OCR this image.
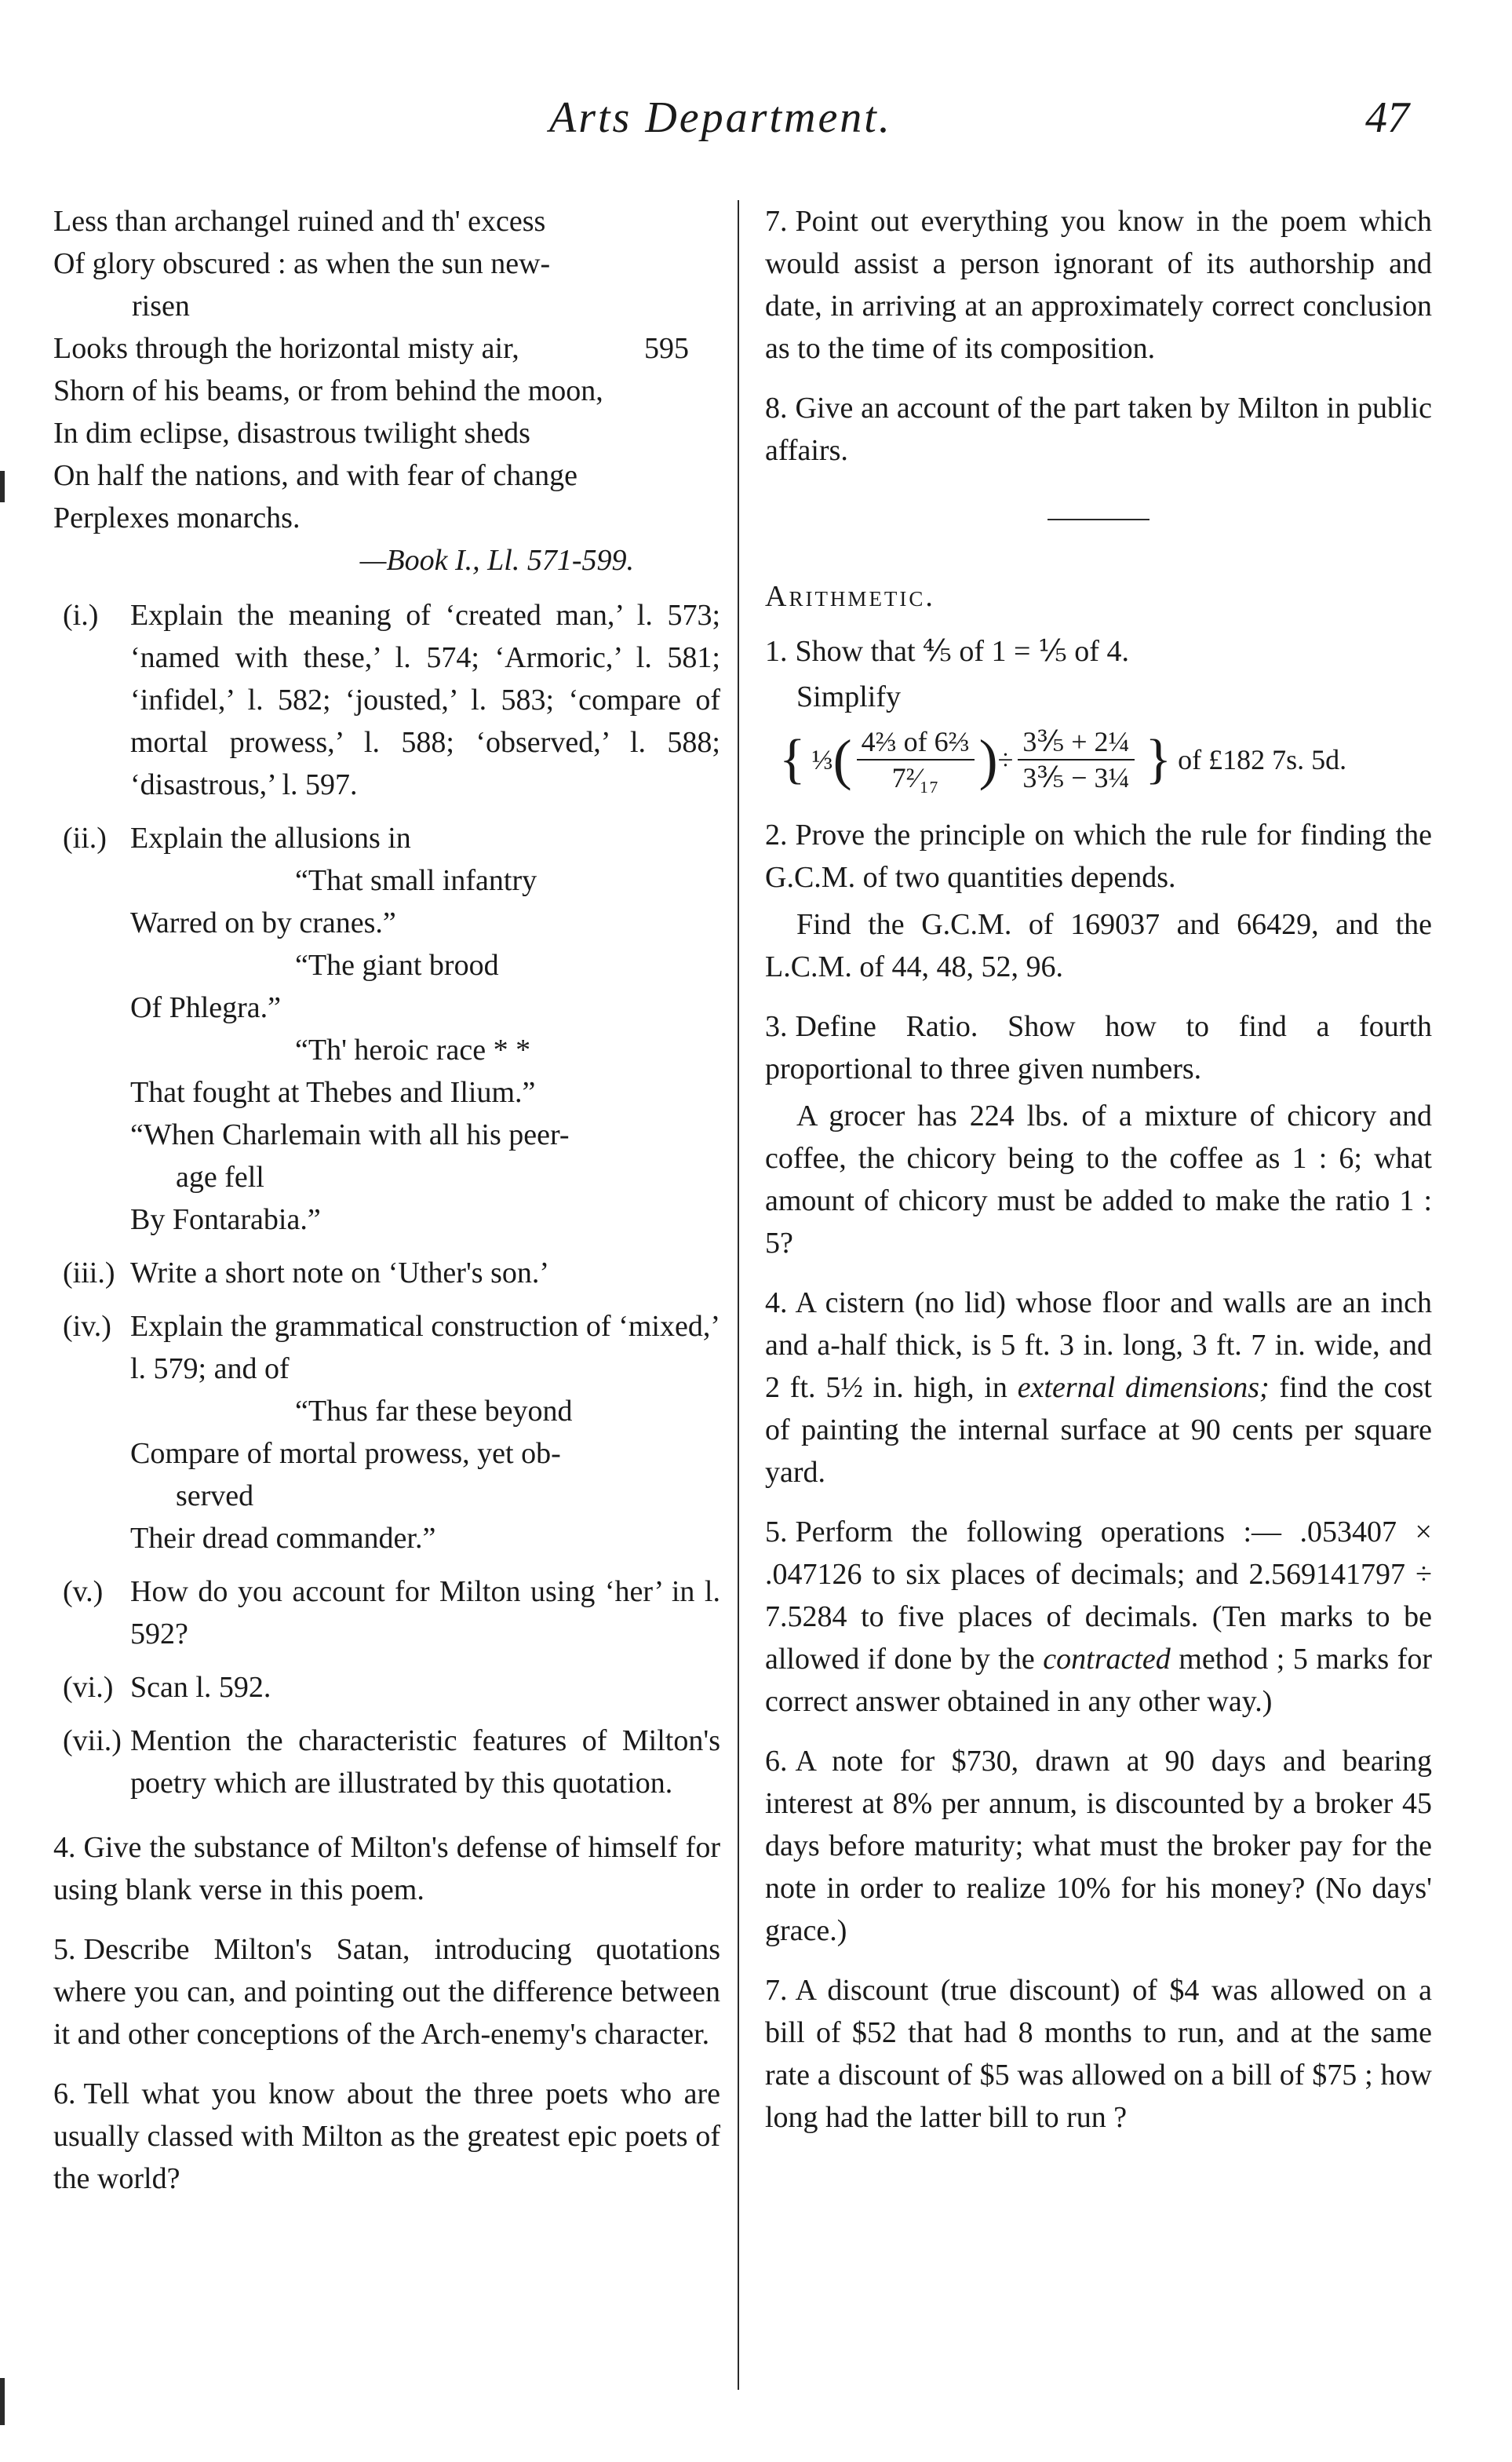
Arts Department.	47
Less than archangel ruined and th' excess
Of glory obscured : as when the sun new-
risen
Looks through the horizontal misty air,	595
Shorn of his beams, or from behind the moon,
In dim eclipse, disastrous twilight sheds
On half the nations, and with fear of change
Perplexes monarchs.
—Book I., Ll. 571-599.
(i.)	Explain the meaning of ‘created man,’ l. 573; ‘named with these,’ l. 574; ‘Armoric,’ l. 581; ‘infidel,’ l. 582; ‘jousted,’ l. 583; ‘compare of mortal prowess,’ l. 588; ‘observed,’ l. 588; ‘disastrous,’ l. 597.
(ii.) Explain the allusions in
“That small infantry
Warred on by cranes.”
“The giant brood
Of Phlegra.”
“Th' heroic race * *
That fought at Thebes and Ilium.”
“When Charlemain with all his peer-
age fell
By Fontarabia.”
(iii.) Write a short note on ‘Uther's son.’
(iv.) Explain the grammatical construction of ‘mixed,’ l. 579; and of
“Thus far these beyond
Compare of mortal prowess, yet ob-
served
Their dread commander.”
(v.) How do you account for Milton using ‘her’ in l. 592?
(vi.) Scan l. 592.
(vii.) Mention the characteristic features of Milton's poetry which are illustrated by this quotation.
4. Give the substance of Milton's defense of himself for using blank verse in this poem.
5. Describe Milton's Satan, introducing quotations where you can, and pointing out the difference between it and other conceptions of the Arch-enemy's character.
6. Tell what you know about the three poets who are usually classed with Milton as the greatest epic poets of the world?
7. Point out everything you know in the poem which would assist a person ignorant of its authorship and date, in arriving at an approximately correct conclusion as to the time of its composition.
8. Give an account of the part taken by Milton in public affairs.
Arithmetic.
1. Show that ⅘ of 1 = ⅕ of 4.
Simplify
{ ⅓ ( $\frac{\text{4⅔ of 6⅔}}{\text{7²⁄₁₇}}$ ) ÷ $\frac{\text{3⅗ + 2¼}}{\text{3⅗ − 3¼}}$ } of £182 7s. 5d.
2. Prove the principle on which the rule for finding the G.C.M. of two quantities depends.
Find the G.C.M. of 169037 and 66429, and the L.C.M. of 44, 48, 52, 96.
3. Define Ratio. Show how to find a fourth proportional to three given numbers.
A grocer has 224 lbs. of a mixture of chicory and coffee, the chicory being to the coffee as 1 : 6; what amount of chicory must be added to make the ratio 1 : 5?
4. A cistern (no lid) whose floor and walls are an inch and a-half thick, is 5 ft. 3 in. long, 3 ft. 7 in. wide, and 2 ft. 5½ in. high, in external dimensions; find the cost of painting the internal surface at 90 cents per square yard.
5. Perform the following operations :— .053407 × .047126 to six places of decimals; and 2.569141797 ÷ 7.5284 to five places of decimals. (Ten marks to be allowed if done by the contracted method ; 5 marks for correct answer obtained in any other way.)
6. A note for $730, drawn at 90 days and bearing interest at 8% per annum, is discounted by a broker 45 days before maturity; what must the broker pay for the note in order to realize 10% for his money? (No days' grace.)
7. A discount (true discount) of $4 was allowed on a bill of $52 that had 8 months to run, and at the same rate a discount of $5 was allowed on a bill of $75 ; how long had the latter bill to run ?
